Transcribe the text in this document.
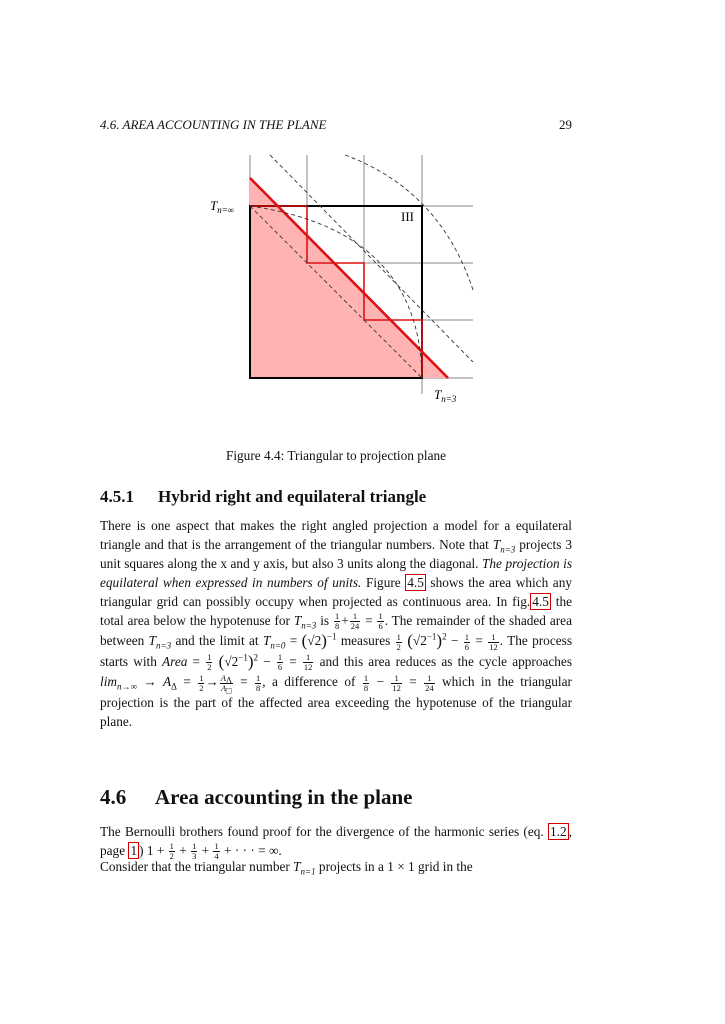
4.6. AREA ACCOUNTING IN THE PLANE	29
$T_{n=\infty}$	III
$T_{n=3}$
Figure 4.4: Triangular to projection plane
4.5.1 Hybrid right and equilateral triangle
There is one aspect that makes the right angled projection a model for a equilateral triangle and that is the arrangement of the triangular numbers. Note that $T_{n=3}$ projects 3 unit squares along the x and y axis, but also 3 units along the diagonal. The projection is equilateral when expressed in numbers of units. Figure 4.5 shows the area which any triangular grid can possibly occupy when projected as continuous area. In fig. 4.5 the total area below the hypotenuse for $T_{n=3}$ is $\frac{1}{8} + \frac{1}{24} = \frac{1}{6}$ . The remainder of the shaded area between $T_{n=3}$ and the limit at $T_{n=0} = (√2)^{-1}$ measures $\frac{1}{2} (√2^{-1})^2 - \frac{1}{6} = \frac{1}{12}$ . The process starts with Area = $\frac{1}{2} (√2^{-1})^2 - \frac{1}{6} = \frac{1}{12}$ and this area reduces as the cycle approaches $\lim_{n\to\infty} \to A_\Delta = \frac{1}{2} \to \frac{A_\Delta}{A_□} = \frac{1}{8}$ , a difference of $\frac{1}{8} - \frac{1}{12} = \frac{1}{24}$ which in the triangular projection is the part of the affected area exceeding the hypotenuse of the triangular plane.
4.6 Area accounting in the plane
The Bernoulli brothers found proof for the divergence of the harmonic series (eq. 1.2 , page 1 ) $1 + \frac{1}{2} + \frac{1}{3} + \frac{1}{4}$ + · · · = ∞.
Consider that the triangular number $T_{n=1}$ projects in a 1 × 1 grid in the
